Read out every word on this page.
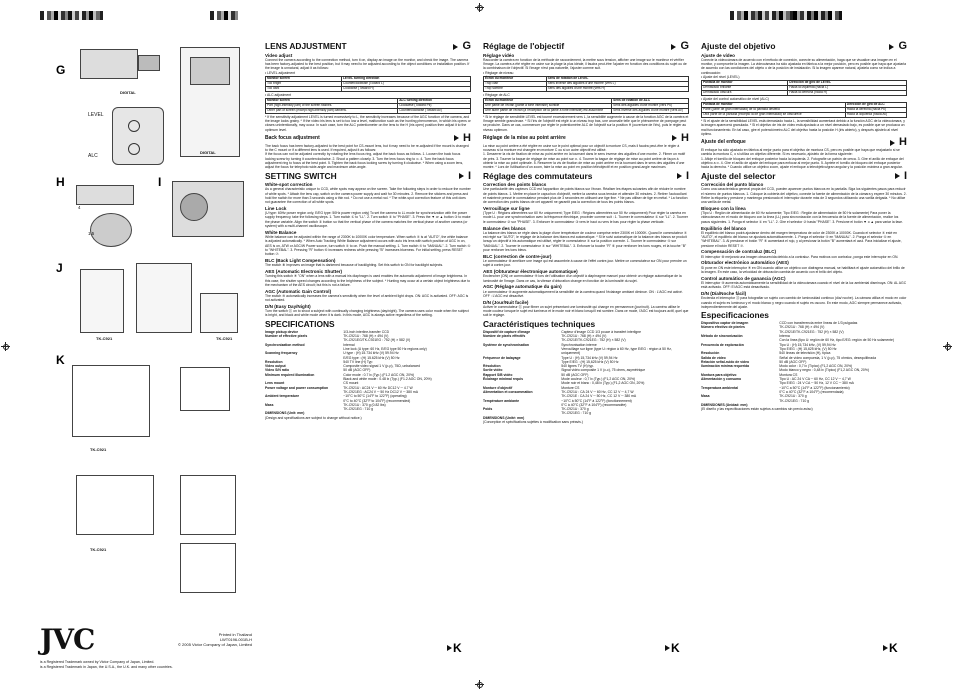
G
H	I
J
K
DIGITAL
LEVEL
ALC
DIGITAL
4
1.5
TK-C921	TK-C921
TK-C921
TK-C921
JVC	Printed in Thailand
LWT0196-001B-H
© 2005 Victor Company of Japan, Limited
is a Registered Trademark owned by Victor Company of Japan, Limited.
is a Registered Trademark in Japan, the U.S.A., the U.K. and many other countries.
LENS ADJUSTMENT	G
Video adjust

Connect the camera according to the connection method, turn it on, display an image on the monitor, and check the image. The camera has been factory-adjusted to the best position, but it may need to be adjusted according to the object conditions or installation position. If the image is unnatural, adjust it as follows:

• LEVEL adjustment

Monitor screen	LEVEL turning direction
Too bright	Counterclockwise (Toward L)
Too dark	Clockwise (Toward H)

• ALC adjustment

Monitor screen	ALC turning direction
Part (high-intensity part) of the screen flashes.	Clockwise (Toward Pk)
Other part of screen (except high-intensity part) darkens.	Counterclockwise (Toward Av)

* If the sensitivity adjustment LEVEL is turned excessively to L, the sensitivity increases because of the AGC function of the camera, and the image looks grainy. * If the video iris lens is set to too low a level, malfunction such as the hunting phenomenon, in which iris opens or closes unintentionally, may occur. In such case, turn the ALC potentiometer on the lens to the H (iris open) position then adjust it to the optimum level.

Back focus adjustment	H

The back focus has been factory-adjusted to the best point for CS-mount lens, but it may need to be re-adjusted if the mount is changed to the C mount or if a different lens is used. If required, adjust it as follows:

If the focus can not be adjusted correctly by rotating the lens focus ring, adjust the back focus as follows. 1. Loosen the back focus locking screw by turning it counterclockwise. 2. Shoot a pattern closely. 3. Turn the lens focus ring to ∞. 4. Turn the back focus adjustment ring to focus at the best point. 5. Tighten the back focus locking screw by turning it clockwise. * When using a zoom lens, adjust the focus for telephoto wide-angle and maximum wide-angle.

SETTING SWITCH	I
White-spot correction

As a general characteristic unique to CCD, white spots may appear on the screen. Take the following steps in order to reduce the number of white spots. * Attach the lens cap, switch on the camera power supply and wait for 30 minutes. 2. Remove the stickers and press and hold the switch for more than 3 seconds using a thin rod. * Do not use a metal rod. * The white-spot correction feature of this unit does not guarantee the correction of all white spots.

Line Lock

(U type: 60Hz power region only, E/EG type: 50Hz power region only) To set the camera to LL mode for synchronization with the power supply frequency, take the following steps. 1. Turn switch ① to "LL". 2. Turn switch ② to "PHASE". 3. Press the ▼ or ▲ button ③ to make the phase variable. Align the switch ③ button so that the vertical phase of the camera matches the vertical phase of another camera (or system) with a multi-channel oscilloscope.

White Balance

White balance can be adjusted within the range of 2300K to 10000K color temperature. When switch ④ is at "AUTO", the white balance is adjusted automatically. * When Auto Tracking White Balance adjustment occurs with auto iris lens with switch position of AGC in on, AES is on, ATW or AGC/W Power source, turn switch ⑤ to on. Push the manual setting. 1. Turn switch ④ to "MANUAL". 2. Turn switch ⑤ to "WHITEBAL". 3. Pressing "R" button ⑥ increases redness while pressing "B" increases blueness. For initial setting, press RESET button ⑦.

BLC (Back Light Compensation)

The switch ⑧ improves an image that is darkened because of backlighting. Set this switch to ON for backlight subjects.

AES (Automatic Electronic Shutter)

Turning this switch ⑨ "ON" when a lens with a manual iris diaphragm is used enables the automatic adjustment of image brightness. In this case, the shutter speed changes according to the brightness of the subject. * Hunting may occur at a certain object brightness due to the mechanism of the AES circuit; but this is not a failure.

AGC (Automatic Gain Control)

The switch ⑩ automatically increases the camera's sensitivity when the level of ambient light drops. ON: AGC is activated. OFF: AGC is not activated.

D/N (Easy Day/Night)

Turn the switch ⑪ on to shoot a subject with continually changing brightness (day/night). The camera uses color mode when the subject is bright, and black and white mode when it is dark. In this mode, AGC is always active regardless of the setting.

SPECIFICATIONS
Image pickup device	1/3-inch interline-transfer CCD
Number of effective pixels	TK-C921U : 768 (H) × 494 (V)
	TK-C921EG/TK-C921EG : 752 (H) × 582 (V)
Synchronization method	Internal
	Line lock (U type: 60 Hz, E/EG type 50 Hz regions only)
Scanning frequency	U type : (H) 15.734 kHz (V) 59.94 Hz
	E/EG type : (H) 15.625 kHz (V) 50 Hz
Resolution	540 TV line (H) Typ
Video output	Composite video signal 1 V (p-p), 75Ω, unbalanced
Video S/N ratio	50 dB (AGC OFF)
Minimum required illumination	Color mode : 0.7 lx (Typ.) (F1.2 AGC ON, 20%)
	Black and white mode : 0.48 lx (Typ.) (F1.2 AGC ON, 20%)
Lens mount	CS mount
Power voltage and power consumption	TK-C921U : AC24 V ─ 60 Hz DC12 V ─ 4.7 W
	TK-C921EG : AC24 V ─ 50 Hz DC12 V ─ 380 mA
Ambient temperature	−10°C to 50°C (14°F to 122°F) (operating)
	0°C to 40°C (32°F to 104°F) (recommended)
Mass	TK-C921U : 370 g (0.82 lbs)
	TK-C921EG : 710 g
DIMENSIONS (Unit: mm)	

(Design and specifications are subject to change without notice.)

K
Réglage de l'objectif	G
Réglage vidéo

Raccorder la caméra en fonction de la méthode de raccordement, la mettre sous tension, afficher une image sur le moniteur et vérifier l'image. La caméra a été réglée en usine sur la plage la plus idéale, il faudra peut-être l'ajuster en fonction des conditions du sujet ou de la combinaison de l'objectif. Si l'image n'est pas naturelle, l'ajuster comme suit.

• Réglage de niveau

Écran du moniteur	Sens de rotation de LEVEL
Trop clair	Sens inverse des aiguilles d'une montre (vers L)
Trop sombre	Sens des aiguilles d'une montre (vers H)

• Réglage de ALC

Écran du moniteur	Sens de rotation de ALC
Une partie de l'écran (partie à forte intensité) scintille	Sens des aiguilles d'une montre (vers Pk)
Une autre partie de l'écran (à l'exception de la partie à forte intensité) est assombrie	Sens inverse des aiguilles d'une montre (vers Av)

* Si le réglage de sensibilité LEVEL est tourné excessivement vers L, la sensibilité augmente à cause de la fonction AGC de la caméra et l'image semble granuleuse. * Si l'iris de l'objectif est réglé à un niveau trop bas, une anomalie telle que le phénomène de pompage peut se produire. Dans ce cas, commencer par régler le potentiomètre ALC de l'objectif sur la position H (ouverture de l'iris), puis le régler au niveau optimum.

Réglage de la mise au point arrière	H

La mise au point arrière a été réglée en usine sur le point optimal pour un objectif à monture CS, mais il faudra peut-être le régler à nouveau si la monture est changée en monture C ou si un autre objectif est utilisé.

1. Desserrer la vis de fixation de mise au point arrière en la tournant dans le sens inverse des aiguilles d'une montre. 2. Filmer un motif de près. 3. Tourner la bague de réglage de mise au point sur ∞. 4. Tourner la bague de réglage de mise au point arrière de façon à obtenir la mise au point optimale. 5. Resserrer la vis de fixation de mise au point arrière en la tournant dans le sens des aiguilles d'une montre. * Lors de l'utilisation d'un zoom, faire la mise au point en position téléobjectif et en position grand-angle maximum.

Réglage des commutateurs	I
Correction des points blancs

Une particularité des capteurs CCD est l'apparition de points blancs sur l'écran. Réaliser les étapes suivantes afin de réduire le nombre de points blancs. 1. Mettre en place le capuchon d'objectif, mettre la caméra sous tension et attendre 30 minutes. 2. Retirer l'autocollant et maintenir pressé le commutateur pendant plus de 3 secondes en utilisant une tige fine. * Ne pas utiliser de tige en métal. * La fonction de correction des points blancs de cet appareil ne garantit pas la correction de tous les points blancs.

Verrouillage sur ligne

(Type U : Régions alimentées sur 60 Hz uniquement; Type E/EG : Régions alimentées sur 50 Hz uniquement) Pour régler la caméra en mode LL pour une synchronisation avec la fréquence électrique, procéder comme suit : 1. Tourner le commutateur ① sur "LL". 2. Tourner le commutateur ② sur "PHASE". 3. Enfoncer le commutateur ③ vers le haut ou vers le bas pour régler la phase verticale.

Balance des blancs

La balance des blancs se règle dans la plage d'une température de couleur comprise entre 2300K et 10000K. Quand le commutateur ④ est réglé sur "AUTO", le réglage de la balance des blancs est automatique. * Si le suivi automatique de la balance des blancs se produit lorsqu'un objectif à iris automatique est utilisé, régler le commutateur ⑤ sur la position correcte. 1. Tourner le commutateur ④ sur "MANUAL". 2. Tourner le commutateur ⑤ sur "WHITEBAL". 3. Enfoncer la touche "R" ⑥ pour renforcer les tons rouges, et la touche "B" pour renforcer les tons bleus.

BLC (correction de contre-jour)

Le commutateur ⑧ améliore une image qui est assombrie à cause de l'effet contre-jour. Mettre ce commutateur sur ON pour prendre un sujet à contre-jour.

AES (Obturateur électronique automatique)

Enclencher (ON) ce commutateur ⑨ lors de l'utilisation d'un objectif à diaphragme manuel pour obtenir un réglage automatique de la luminosité de l'image. Dans ce cas, la vitesse d'obturation change en fonction de la luminosité du sujet.

AGC (Réglage automatique du gain)

Le commutateur ⑩ augmente automatiquement la sensibilité de la caméra quand l'éclairage ambiant diminue. ON : L'AGC est activé. OFF : L'AGC est désactivé.

D/N (Jour/Nuit facile)

Activer le commutateur ⑪ pour filmer un sujet présentant une luminosité qui change en permanence (jour/nuit). La caméra utilise le mode couleur lorsque le sujet est lumineux et le mode noir et blanc lorsqu'il est sombre. Dans ce mode, l'AGC est toujours actif, quel que soit le réglage.

Caractéristiques techniques
Dispositif de capture d'image	Capteur d'image CCD 1/3 pouce à transfert interligne
Nombre de pixels effectifs	TK-C921U : 768 (H) × 494 (V)
	TK-C921E/TK-C921EG : 752 (H) × 582 (V)
Système de synchronisation	Synchronisation interne
	Verrouillage sur ligne (type U: région à 60 Hz, type E/EG : région à 50 Hz, uniquement)
Fréquence de balayage	Type U : (H) 15,734 kHz (V) 59,94 Hz
	Type E/EG : (H) 15,625 kHz (V) 50 Hz
Résolution	540 lignes TV (H) typ.
Sortie vidéo	Signal vidéo composite 1 V (c-c), 75 ohms, asymétrique
Rapport S/B vidéo	50 dB (AGC OFF)
Éclairage minimal requis	Mode couleur : 0,7 lx (Typ.) (F1,2 AGC ON, 20%)
	Mode noir et blanc : 0,48 lx (Typ.) (F1,2 AGC ON, 20%)
Monture d'objectif	Monture CS
Alimentation et consommation	TK-C921U : CA 24 V ─ 60 Hz, CC 12 V ─ 4,7 W
	TK-C921E : CA 24 V ─ 50 Hz, CC 12 V ─ 380 mA
Température ambiante	−10°C à 50°C (14°F à 122°F) (fonctionnement)
	0°C à 40°C (32°F à 104°F) (recommandée)
Poids	TK-C921U : 370 g
	TK-C921EG : 710 g
DIMENSIONS (Unité: mm)	

(Conception et spécifications sujettes à modification sans préavis.)

K
Ajuste del objetivo	G
Ajuste de vídeo

Conecte la videocámara de acuerdo con el método de conexión, conecte su alimentación, haga que se visualice una imagen en el monitor, y compruebe la imagen. La videocámara ha sido ajustada en fábrica a la mejor posición, pero es posible que haya que ajustarla de acuerdo con las condiciones del objeto o de la posición de instalación. Si la imagen aparece natural, ajústela como se indica a continuación:

• Ajuste del nivel (LEVEL)

Pantalla de monitor	Dirección de giro de LEVEL
Demasiado brillante	Hacia la izquierda (hacia L)
Demasiado obscura	Hacia la derecha (hacia H)

• Ajuste del control automático de nivel (ALC)

Pantalla de monitor	Dirección de giro de ALC
Parte (parte de gran intensidad) de la pantalla destella	Hacia la derecha (hacia Pk)
Otra parte de la pantalla (excepto la de gran intensidad) se obscurece	Hacia la izquierda (hacia Av)

* Si el ajuste de la sensibilidad LEVEL está demasiado hacia L, la sensibilidad aumentará debido a la función AGC de la videocámara, y la imagen aparecerá granulada. * Si el objetivo de iris de vídeo está ajustado a un nivel demasiado bajo, es posible que se produzca un mal funcionamiento. En tal caso, gire el potenciómetro ALC del objetivo hasta la posición H (iris abierto), y después ajústelo al nivel óptimo.

Ajuste del enfoque	H

El enfoque ha sido ajustado en fábrica al mejor punto para el objetivo de montura CS, pero es posible que haya que reajustarlo si se cambia la montura C, o si utiliza un objetivo diferente. Si es necesario, ajústelo de la forma siguiente:

1. Afloje el tornillo de bloqueo del enfoque posterior hacia la izquierda. 2. Fotografíe un patrón de cerca. 3. Gire el anillo de enfoque del objetivo a ∞. 4. Gire el anillo de ajuste del enfoque para enfocar al mejor punto. 5. Apriete el tornillo de bloqueo del enfoque posterior hacia la derecha. * Cuando utilice un objetivo zoom, ajuste el enfoque a teleobjetivo/gran angular y la posición máxima a gran angular.

Ajuste del selector	I
Corrección del punto blanco

Como una característica general propia del CCD, pueden aparecer puntos blancos en la pantalla. Siga los siguientes pasos para reducir el número de puntos blancos. 1. Coloque la cubierta del objetivo, conecte la fuente de alimentación de la cámara y espere 30 minutos. 2. Retire la etiqueta y presione y mantenga presionado el interruptor durante más de 3 segundos utilizando una varilla delgada. * No utilice una varilla de metal.

Bloqueo con la línea

(Tipo U : Región de alimentación de 60 Hz solamente; Tipo E/EG : Región de alimentación de 50 Hz solamente) Para poner la videocámara en el modo de bloqueo con la línea (LL) para sincronización con la frecuencia de la fuente de alimentación, realice los pasos siguientes. 1. Ponga el selector ① en "LL". 2. Gire el selector ② hasta "PHASE". 3. Presione el botón ▼ o ▲ para variar la fase.

Equilibrio del blanco

El equilibrio del blanco podrá ajustarse dentro del margen temperatura de color de 2300K a 10000K. Cuando el selector ④ esté en "AUTO", el equilibrio del blanco se ajustará automáticamente. 1. Ponga el selector ④ en "MANUAL". 2. Ponga el selector ⑤ en "WHITEBAL". 3. Al presionar el botón "R" ⑥ aumentará el rojo, y al presionar la botón "B" aumentará el azul. Para inicializar el ajuste, presione el botón RESET ⑦.

Compensación de contraluz (BLC)

El interruptor ⑧ mejorará una imagen obscurecida debido a la contraluz. Para motivos con contraluz, ponga este interruptor en ON.

Obturador electrónico automático (AES)

Si pone en ON este interruptor ⑨ en ON cuando utilice un objetivo con diafragma manual, se habilitará el ajuste automático del brillo de la imagen. En este caso, la velocidad de obturación cambia de acuerdo con el brillo del objeto.

Control automático de ganancia (AGC)

El interruptor ⑩ aumenta automáticamente la sensibilidad de la videocámara cuando el nivel de la luz ambiental disminuya. ON: AL AGC está activado. OFF: El AGC está desactivado.

D/N (Día/Noche fácil)

Encienda el interruptor ⑪ para fotografiar un sujeto con cambio de luminosidad continuo (día/ noche). La cámara utiliza el modo en color cuando el sujeto es luminoso y el modo blanco y negro cuando el sujeto es oscuro. En este modo, AGC siempre permanece activado, independientemente del ajuste.

Especificaciones
Dispositivo captor de imagen	CCD con transferencia entre líneas de 1/3 pulgadas
Número efectivo de píxeles	TK-C921U : 768 (H) × 494 (V)
	TK-C921E/TK-C921EG : 752 (H) × 582 (V)
Método de sincronización	Interna
	Con la línea (tipo U: región de 60 Hz, tipo E/EG: región de 50 Hz solamente)
Frecuencia de exploración	Tipo U : (H) 15,734 kHz, (V) 59,94 Hz
	Tipo E/EG : (H) 15,625 kHz, (V) 50 Hz
Resolución	540 líneas de televisión (H), típica
Salida de vídeo	Señal de vídeo compuesta, 1 V (p-p), 75 ohmios, desequilibrada
Relación señal-ruido de vídeo	50 dB (AGC OFF)
Iluminación mínima requerida	Modo color : 0,7 lx (Típico) (F1,2 AGC ON, 20%)
	Modo blanco y negro : 0,48 lx (Típico) (F1,2 AGC ON, 20%)
Montura para objetivo	Montura CS
Alimentación y consumo	Tipo U : AC 24 V CA ─ 60 Hz, CC 12 V ─ 4,7 W
	Tipo E/EG : 24 V CA ─ 50 Hz, 12 V CC ─ 380 mA
Temperatura ambiental	−10°C a 50°C (14°F a 122°F) (funcionamiento)
	0°C a 40°C (32°F a 104°F) (recomendada)
Masa	TK-C921U : 370 g
	TK-C921EG : 710 g
DIMENSIONES (Unidad: mm)	

(El diseño y las especificaciones están sujetos a cambios sin previo aviso)

K
